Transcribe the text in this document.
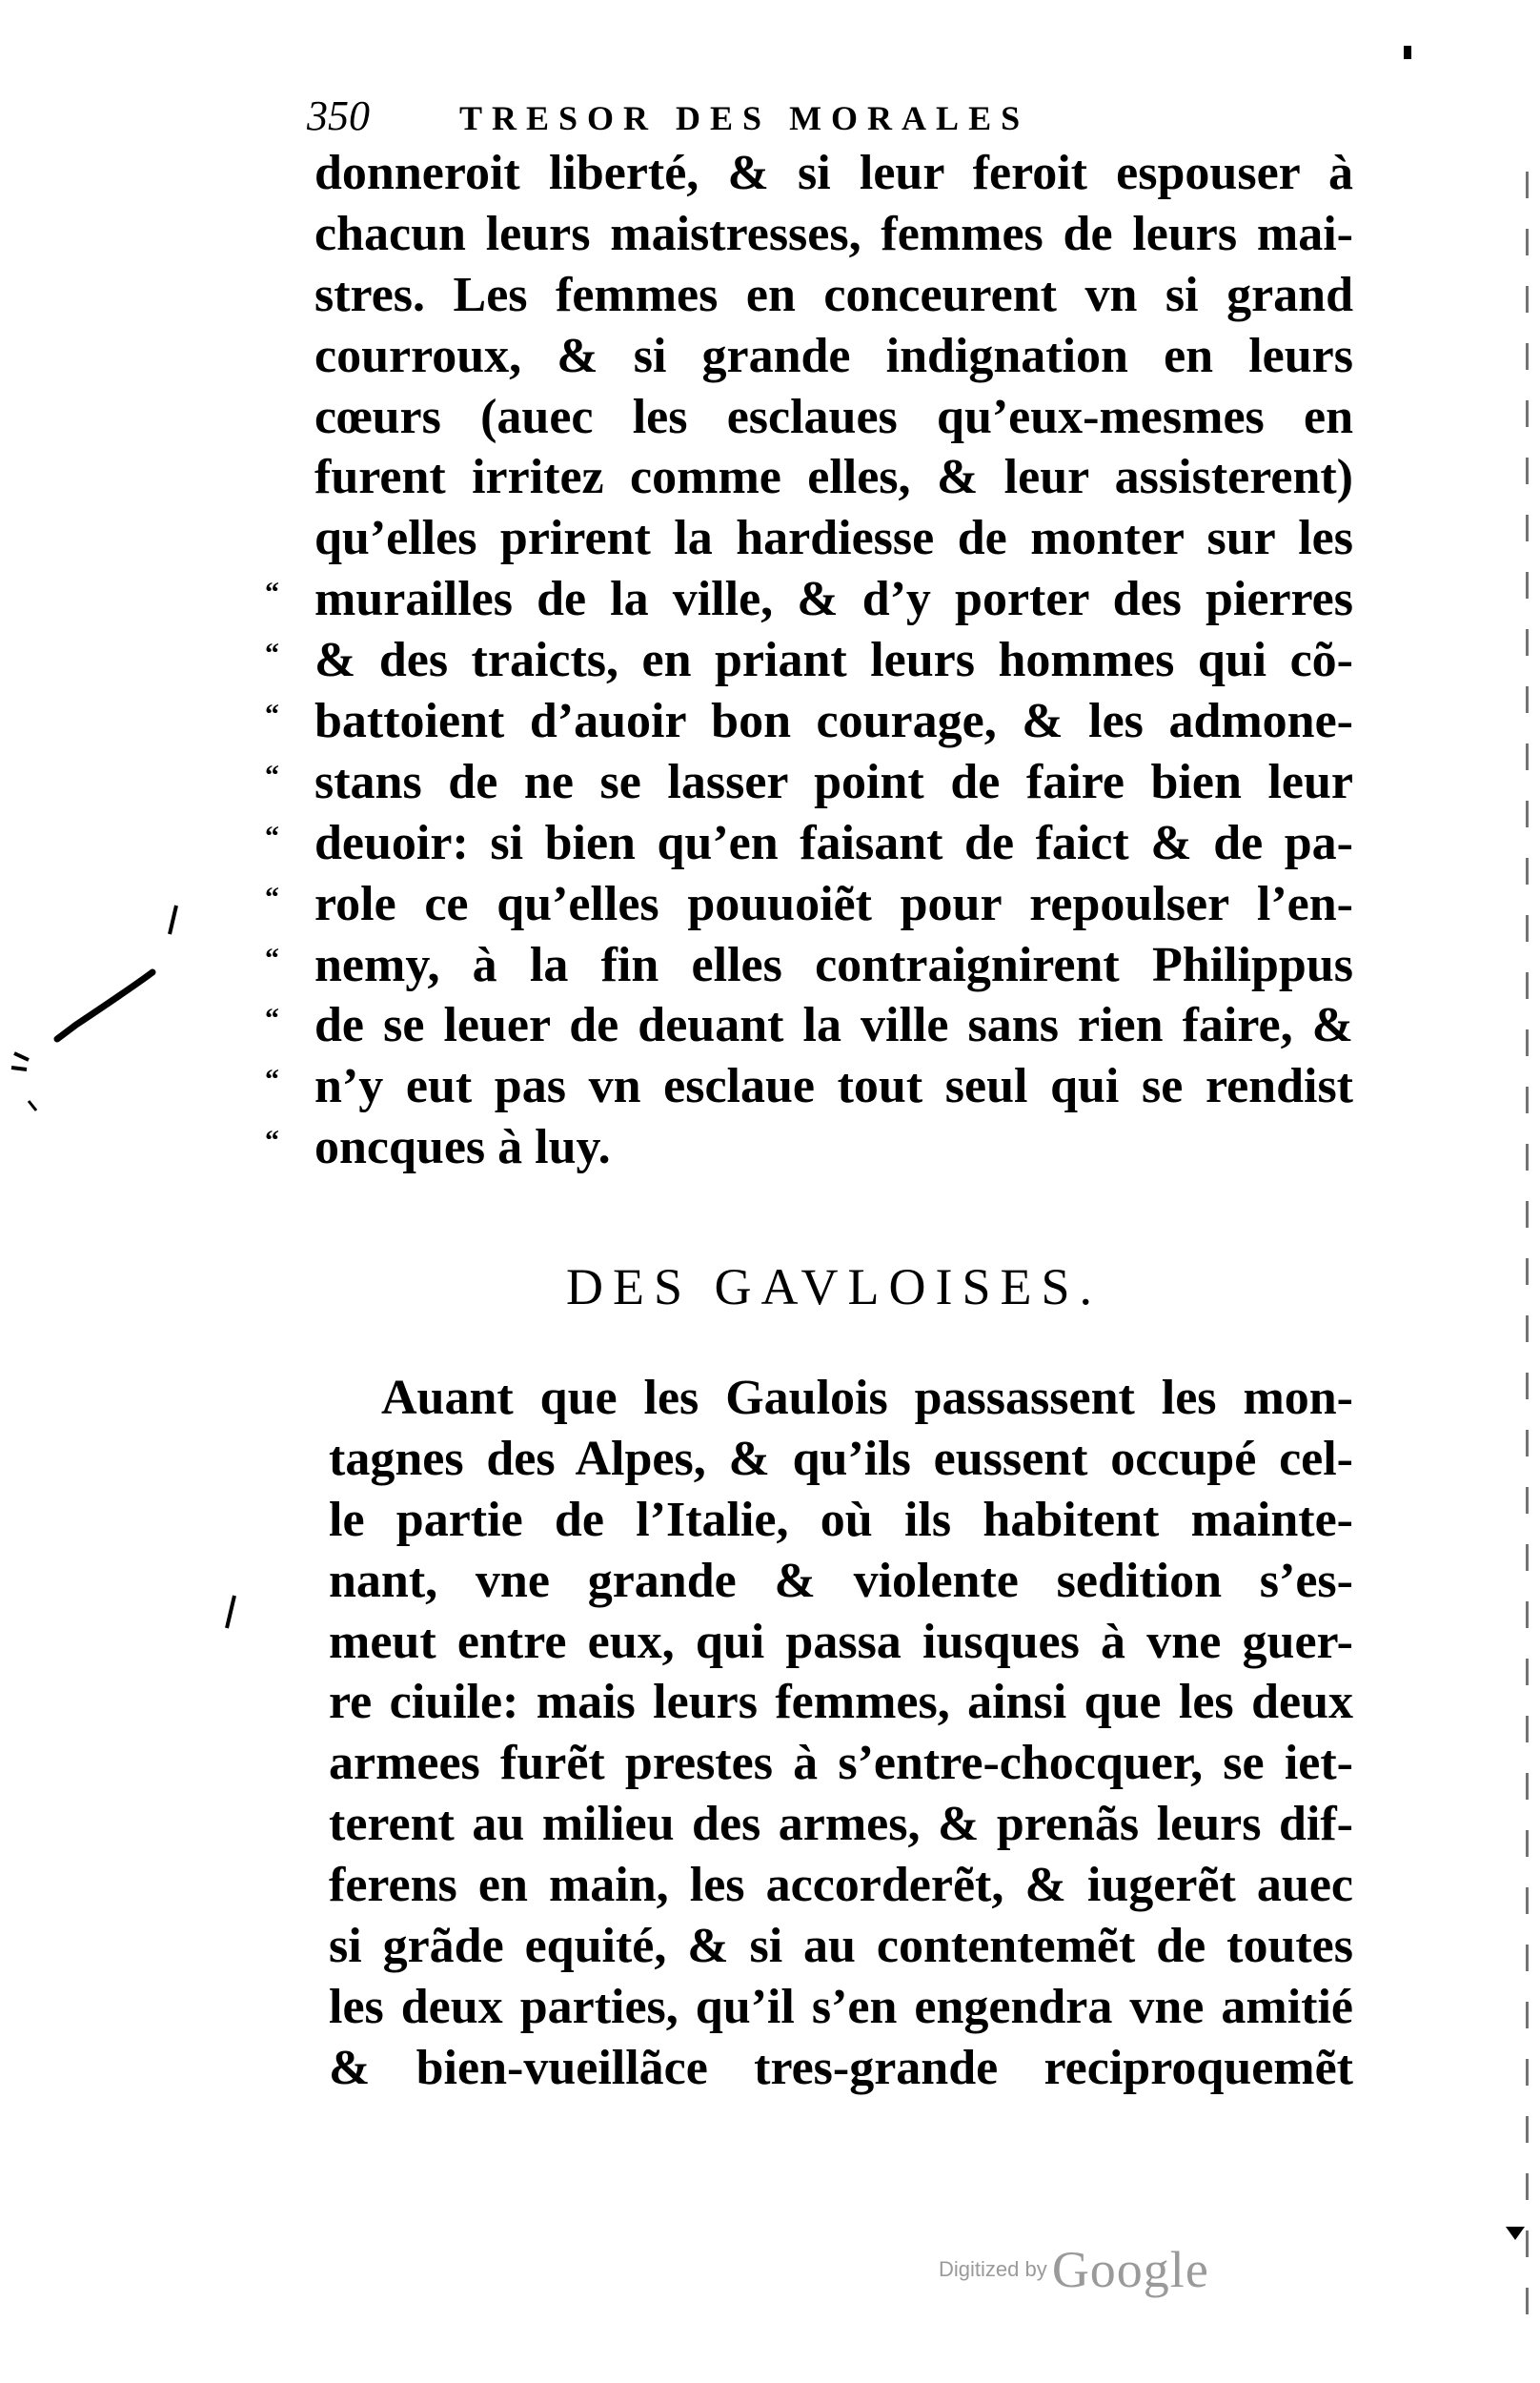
350	TRESOR DES MORALES
donneroit liberté, & si leur feroit espouser à
chacun leurs maistresses, femmes de leurs mai-
stres. Les femmes en conceurent vn si grand
courroux, & si grande indignation en leurs
cœurs (auec les esclaues qu’eux-mesmes en
furent irritez comme elles, & leur assisterent)
qu’elles prirent la hardiesse de monter sur les
“ murailles de la ville, & d’y porter des pierres
“ & des traicts, en priant leurs hommes qui cõ-
“ battoient d’auoir bon courage, & les admone-
“ stans de ne se lasser point de faire bien leur
“ deuoir: si bien qu’en faisant de faict & de pa-
“ role ce qu’elles pouuoiẽt pour repoulser l’en-
“ nemy, à la fin elles contraignirent Philippus
“ de se leuer de deuant la ville sans rien faire, &
“ n’y eut pas vn esclaue tout seul qui se rendist
“ oncques à luy.
DES GAVLOISES.
Auant que les Gaulois passassent les mon-
tagnes des Alpes, & qu’ils eussent occupé cel-
le partie de l’Italie, où ils habitent mainte-
nant, vne grande & violente sedition s’es-
meut entre eux, qui passa iusques à vne guer-
re ciuile: mais leurs femmes, ainsi que les deux
armees furẽt prestes à s’entre-chocquer, se iet-
terent au milieu des armes, & prenãs leurs dif-
ferens en main, les accorderẽt, & iugerẽt auec
si grãde equité, & si au contentemẽt de toutes
les deux parties, qu’il s’en engendra vne amitié
& bien-vueillãce tres-grande reciproquemẽt
Digitized by Google
